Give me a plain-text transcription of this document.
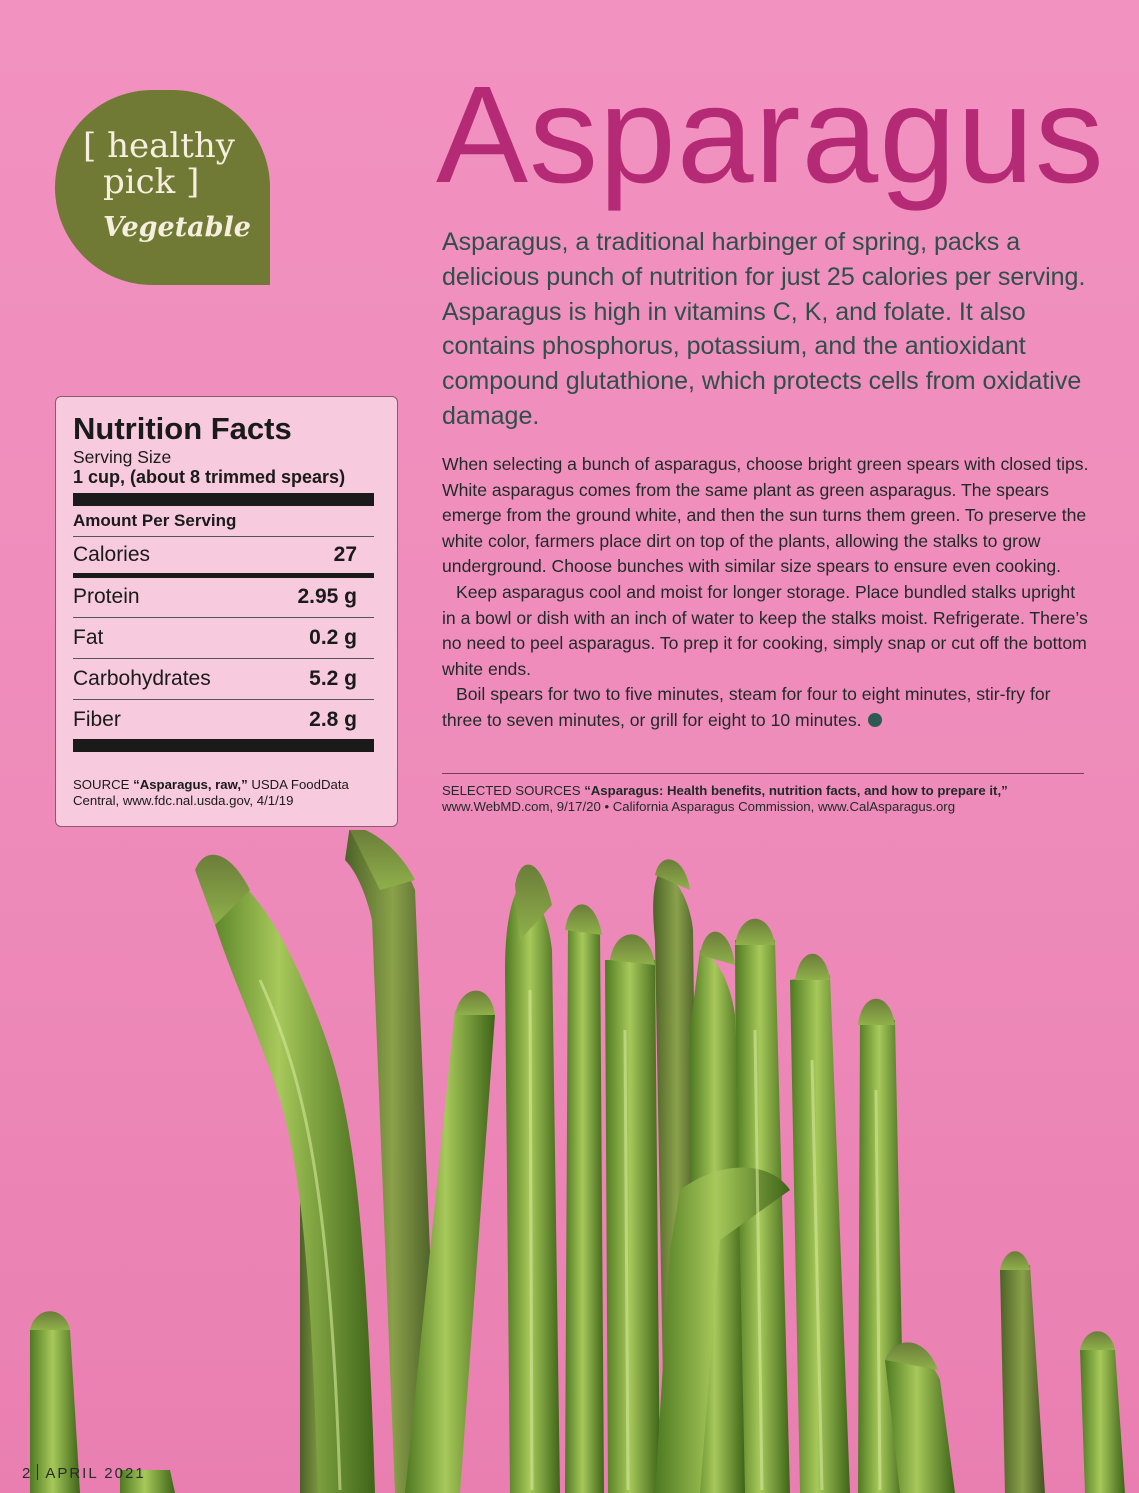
[ healthy
pick ]
Vegetable
Asparagus
Asparagus, a traditional harbinger of spring, packs a delicious punch of nutrition for just 25 calories per serving. Asparagus is high in vitamins C, K, and folate. It also contains phosphorus, potassium, and the antioxidant compound glutathione, which protects cells from oxidative damage.

When selecting a bunch of asparagus, choose bright green spears with closed tips. White asparagus comes from the same plant as green asparagus. The spears emerge from the ground white, and then the sun turns them green. To preserve the white color, farmers place dirt on top of the plants, allowing the stalks to grow underground. Choose bunches with similar size spears to ensure even cooking.

Keep asparagus cool and moist for longer storage. Place bundled stalks upright in a bowl or dish with an inch of water to keep the stalks moist. Refrigerate. There’s no need to peel asparagus. To prep it for cooking, simply snap or cut off the bottom white ends.

Boil spears for two to five minutes, steam for four to eight minutes, stir-fry for three to seven minutes, or grill for eight to 10 minutes.

SELECTED SOURCES “Asparagus: Health benefits, nutrition facts, and how to prepare it,”
www.WebMD.com, 9/17/20 • California Asparagus Commission, www.CalAsparagus.org
Nutrition Facts
Serving Size
1 cup, (about 8 trimmed spears)
Amount Per Serving
Calories	27
Protein	2.95 g
Fat	0.2 g
Carbohydrates	5.2 g
Fiber	2.8 g
SOURCE “Asparagus, raw,” USDA FoodData Central, www.fdc.nal.usda.gov, 4/1/19
2 APRIL 2021
